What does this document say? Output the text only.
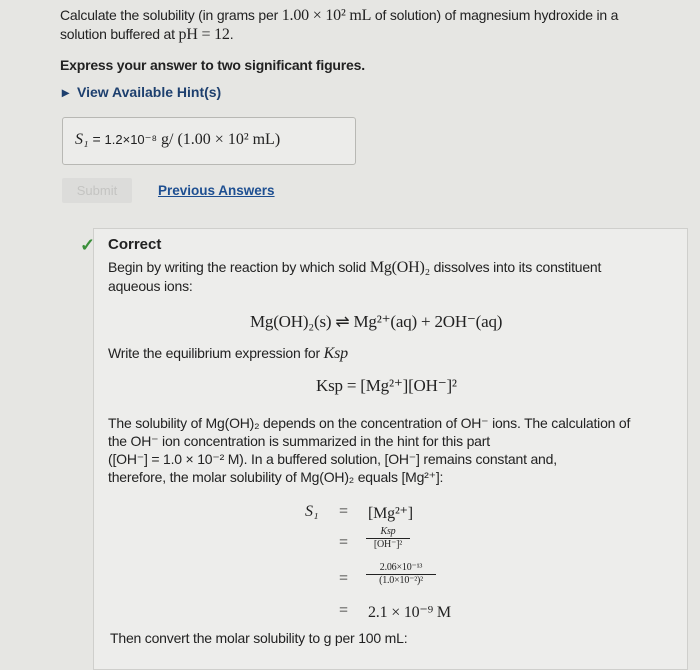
Calculate the solubility (in grams per 1.00 × 10² mL of solution) of magnesium hydroxide in a
solution buffered at pH = 12.
Express your answer to two significant figures.
▸ View Available Hint(s)
S₁ = 1.2×10⁻⁸ g/ (1.00 × 10² mL)
Submit	Previous Answers
✓ Correct
Begin by writing the reaction by which solid Mg(OH)₂ dissolves into its constituent
aqueous ions:
Mg(OH)₂(s) ⇌ Mg²⁺(aq) + 2OH⁻(aq)
Write the equilibrium expression for Ksp
Ksp = [Mg²⁺][OH⁻]²
The solubility of Mg(OH)₂ depends on the concentration of OH⁻ ions. The calculation of
the OH⁻ ion concentration is summarized in the hint for this part
([OH⁻] = 1.0 × 10⁻² M). In a buffered solution, [OH⁻] remains constant and,
therefore, the molar solubility of Mg(OH)₂ equals [Mg²⁺]:
S₁ = [Mg²⁺]
=
Ksp
[OH⁻]²
= $\frac{\text{2.06×10⁻¹³}}{\text{(1.0×10⁻²)²}}$
= 2.1 × 10⁻⁹ M
Then convert the molar solubility to g per 100 mL:
